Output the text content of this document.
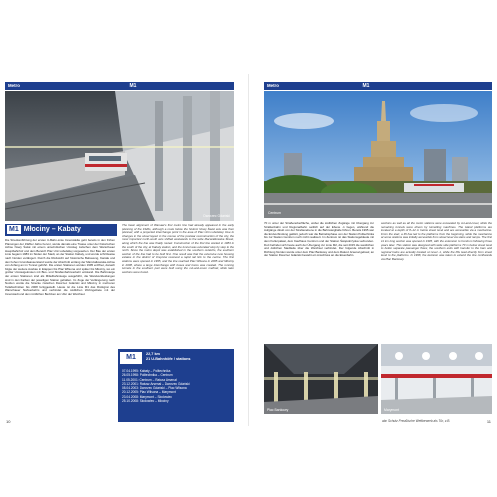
Metro	M1
Dworzec Gdański
M1 Młociny – Kabaty
Die Streckenführung der ersten U-Bahn-Linie Innenstädte geht bereits in den frühen Planungen der 1920er Jahre hervor, wurde damals eine Trasse unter der historischen Achse Nowy Świat mit einem unterirdischen Umstieg zwischen dem Warschauer Hauptbahnhof und dem Bereich Plac Unii Lubelskiej vorgesehen. Der Bau der ersten Linie begann 1983 im Süden der Stadt, an der Station Kabaty, und wurde schrittweise nach Norden verlängert. Durch die Rücksicht auf historische Bebauung, Kanäle und den hohen Grundwasserstand wurde der Abschnitt entlang der Marszałkowska-Achse von Anfang an im Tunnel geführt. Die ersten Stationen wurden 1995 eröffnet, danach folgte der weitere Ausbau in Etappen bis Plac Wilsona und später bis Młociny, wo ein großer Umsteigeknoten mit Bus- und Straßenbahnverkehr entstand. Die Bahnsteige der ersten Stationen sind als Mittelbahnsteige ausgeführt, die Wandverkleidungen sind in den Farben der jeweiligen Station gehalten. Im Zuge der Verlängerung nach Norden wurde die Strecke zwischen Dworzec Gdański und Młociny in mehreren Teilabschnitten bis 2008 fertiggestellt. Heute ist die Linie M1 das Rückgrat des Warschauer Nahverkehrs und verbindet die südlichen Wohngebiete mit der Innenstadt und den nördlichen Bezirken am Ufer der Weichsel.
The basic alignment of Warsaw's first metro line had already appeared in the early planning of the 1920s, although a route below the historic Nowy Świat axis was then planned, with a projected interchange point in the area of Plac Unii Lubelskiej. Due to changes in the street layout in the course of the postwar reconstruction of the city, the most important north-south axis shifted westwards to the wide Marszałkowska Street, along which the line was finally routed. Construction of the first line started in 1983 in the south of the city, at Kabaty station, and the tunnel was extended step by step to the north. Since the metro depot was established in the southern outskirts, the southern section of the line had to be built first. One result was that the extensive new housing estates in the district of Ursynów received a rapid rail link to the centre. The first stations were opened in 1995, and the line reached Plac Wilsona in 2005 and Młociny in 2008, where a large interchange with buses and trams was created. The running tunnels in the southern part were built using the cut-and-cover method, while later sections were bored.
M1	22,7 km
21 U-Bahnhöfe / stations
07.04.1995: Kabaty – Politechnika
26.05.1998: Politechnika – Centrum
11.05.2001: Centrum – Ratusz Arsenał
23.12.2001: Ratusz Arsenał – Dworzec Gdański
08.04.2003: Dworzec Gdański – Plac Wilsona
20.12.2005: Plac Wilsona – Marymont
23.04.2008: Marymont – Słodowiec
25.10.2008: Słodowiec – Młociny
10
Metro	M1
Centrum
70 m unter der Straßenoberfläche, wobei die südlichen Zugänge mit Übergang zur Straßenbahn und Regionalbahn seitlich auf der Ebene -1 liegen, während die Aufgänge direkt von der Straßenebene in die Bahnsteighalle führen. Bereits 1995 war die Endverbindung geklärt, jedoch war die Betriebsphase von der Station Politechnika bis zur Station Centrum noch nicht realisiert. Im Zentrum ist das Stationsgebäude mit dem Kulturpalast, dem Kaufhaus Centrum und der Station Świętokrzyska verbunden. Dort befindet sich heute auch der Übergang zur Linie M2, die seit 2015 die westlichen und östlichen Stadtteile über die Weichsel verbindet. Der folgende Abschnitt in Richtung Norden wurde unter dem Plac Bankowy und dem Ratusz Arsenał gebaut; an der Station Dworzec Gdański besteht ein Anschluss an die Eisenbahn.
sections as well as all the metro stations were excavated by cut-and-cover, while the remaining tunnels were driven by tunnelling machines. The island platforms are located at a depth of 8–12 m below street level and are accessible via a mezzanine. From the start, a lift has led to the platforms from the beginning, while the mezzanine at some stations was initially accessible from street level via stairs and ramps. The first 11 km long section was opened in 1995, with the extension to Centrum following three years later. This station was designed with wide side platforms 70 m below street level to better separate passenger flows; the southern exits with transfer to the tram and regional trains are actually located on level -1, while the lifts lead directly from street level to the platforms. In 1998, the decision was taken to extend the line northwards via Plac Bankowy.
Plac Bankowy	Marymont
abc Schutz Preußische Wettbewerb als Tür, z.B.	11
